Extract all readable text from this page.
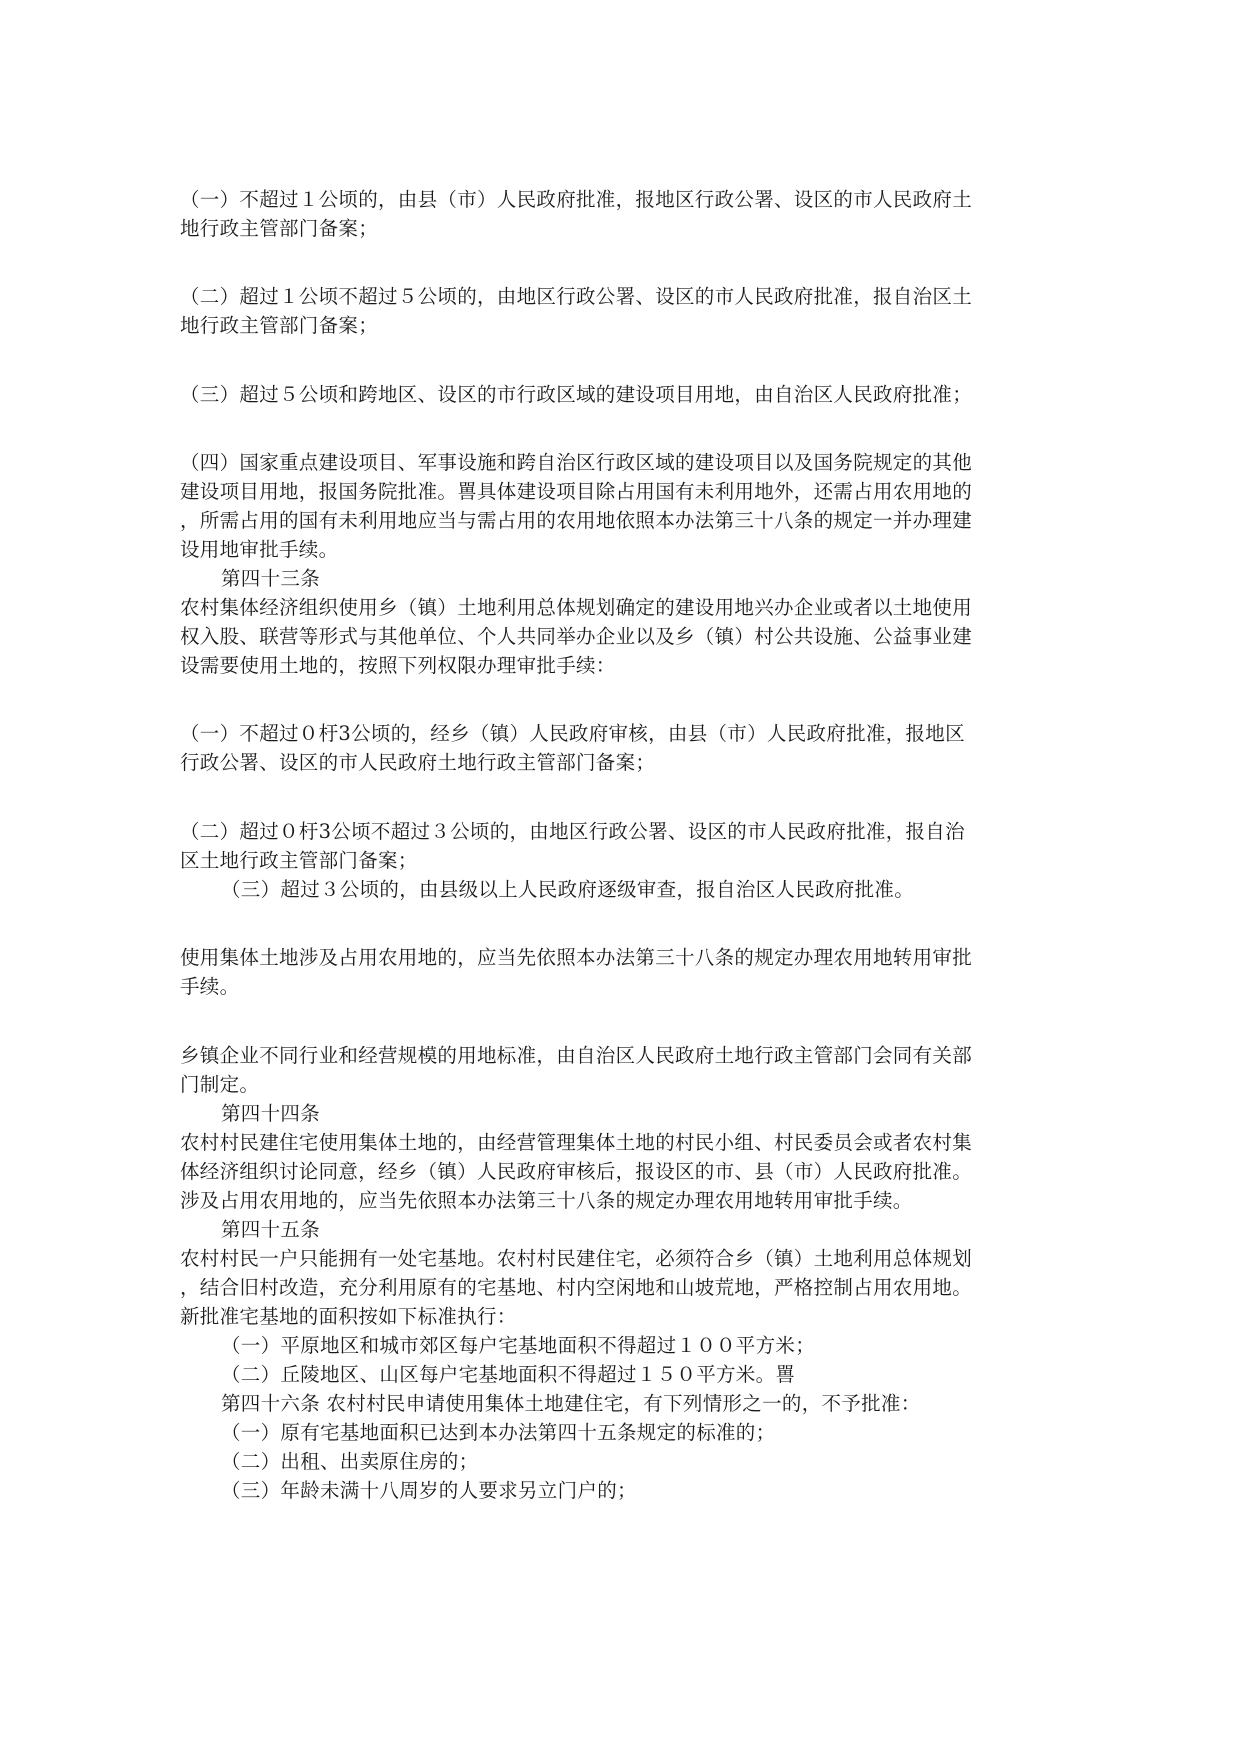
（一）不超过１公顷的，由县（市）人民政府批准，报地区行政公署、设区的市人民政府土
地行政主管部门备案；
（二）超过１公顷不超过５公顷的，由地区行政公署、设区的市人民政府批准，报自治区土
地行政主管部门备案；
（三）超过５公顷和跨地区、设区的市行政区域的建设项目用地，由自治区人民政府批准；
（四）国家重点建设项目、军事设施和跨自治区行政区域的建设项目以及国务院规定的其他
建设项目用地，报国务院批准。嘼具体建设项目除占用国有未利用地外，还需占用农用地的
，所需占用的国有未利用地应当与需占用的农用地依照本办法第三十八条的规定一并办理建
设用地审批手续。
第四十三条
农村集体经济组织使用乡（镇）土地利用总体规划确定的建设用地兴办企业或者以土地使用
权入股、联营等形式与其他单位、个人共同举办企业以及乡（镇）村公共设施、公益事业建
设需要使用土地的，按照下列权限办理审批手续：
（一）不超过０杅3公顷的，经乡（镇）人民政府审核，由县（市）人民政府批准，报地区
行政公署、设区的市人民政府土地行政主管部门备案；
（二）超过０杅3公顷不超过３公顷的，由地区行政公署、设区的市人民政府批准，报自治
区土地行政主管部门备案；
（三）超过３公顷的，由县级以上人民政府逐级审查，报自治区人民政府批准。
使用集体土地涉及占用农用地的，应当先依照本办法第三十八条的规定办理农用地转用审批
手续。
乡镇企业不同行业和经营规模的用地标准，由自治区人民政府土地行政主管部门会同有关部
门制定。
第四十四条
农村村民建住宅使用集体土地的，由经营管理集体土地的村民小组、村民委员会或者农村集
体经济组织讨论同意，经乡（镇）人民政府审核后，报设区的市、县（市）人民政府批准。
涉及占用农用地的，应当先依照本办法第三十八条的规定办理农用地转用审批手续。
第四十五条
农村村民一户只能拥有一处宅基地。农村村民建住宅，必须符合乡（镇）土地利用总体规划
，结合旧村改造，充分利用原有的宅基地、村内空闲地和山坡荒地，严格控制占用农用地。
新批准宅基地的面积按如下标准执行：
（一）平原地区和城市郊区每户宅基地面积不得超过１００平方米；
（二）丘陵地区、山区每户宅基地面积不得超过１５０平方米。嘼
第四十六条 农村村民申请使用集体土地建住宅，有下列情形之一的，不予批准：
（一）原有宅基地面积已达到本办法第四十五条规定的标准的；
（二）出租、出卖原住房的；
（三）年龄未满十八周岁的人要求另立门户的；
